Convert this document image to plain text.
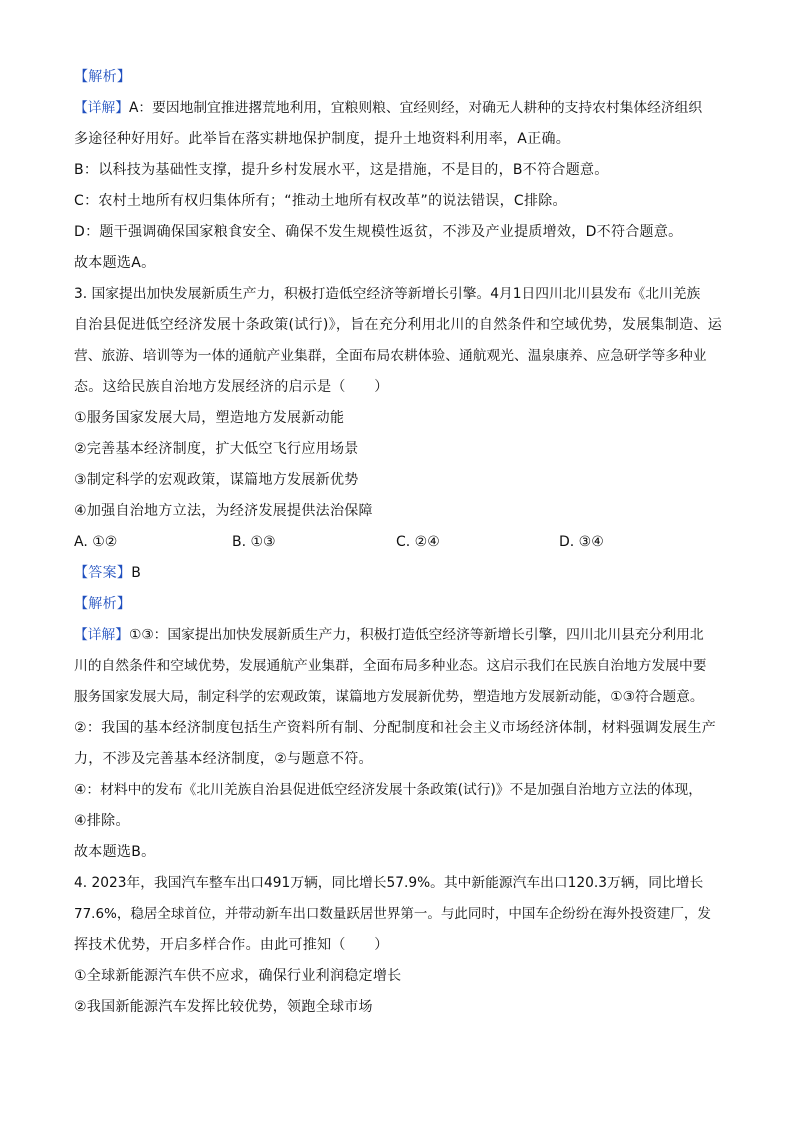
【解析】
【详解】A：要因地制宜推进撂荒地利用，宜粮则粮、宜经则经，对确无人耕种的支持农村集体经济组织
多途径种好用好。此举旨在落实耕地保护制度，提升土地资料利用率，A正确。
B：以科技为基础性支撑，提升乡村发展水平，这是措施，不是目的，B不符合题意。
C：农村土地所有权归集体所有；“推动土地所有权改革”的说法错误，C排除。
D：题干强调确保国家粮食安全、确保不发生规模性返贫，不涉及产业提质增效，D不符合题意。
故本题选A。
3. 国家提出加快发展新质生产力，积极打造低空经济等新增长引擎。4月1日四川北川县发布《北川羌族
自治县促进低空经济发展十条政策(试行)》，旨在充分利用北川的自然条件和空域优势，发展集制造、运
营、旅游、培训等为一体的通航产业集群，全面布局农耕体验、通航观光、温泉康养、应急研学等多种业
态。这给民族自治地方发展经济的启示是（　　）
①服务国家发展大局，塑造地方发展新动能
②完善基本经济制度，扩大低空飞行应用场景
③制定科学的宏观政策，谋篇地方发展新优势
④加强自治地方立法，为经济发展提供法治保障
A. ①②	B. ①③	C. ②④	D. ③④
【答案】B
【解析】
【详解】①③：国家提出加快发展新质生产力，积极打造低空经济等新增长引擎，四川北川县充分利用北
川的自然条件和空域优势，发展通航产业集群，全面布局多种业态。这启示我们在民族自治地方发展中要
服务国家发展大局，制定科学的宏观政策，谋篇地方发展新优势，塑造地方发展新动能，①③符合题意。
②：我国的基本经济制度包括生产资料所有制、分配制度和社会主义市场经济体制，材料强调发展生产
力，不涉及完善基本经济制度，②与题意不符。
④：材料中的发布《北川羌族自治县促进低空经济发展十条政策(试行)》不是加强自治地方立法的体现，
④排除。
故本题选B。
4. 2023年，我国汽车整车出口491万辆，同比增长57.9%。其中新能源汽车出口120.3万辆，同比增长
77.6%，稳居全球首位，并带动新车出口数量跃居世界第一。与此同时，中国车企纷纷在海外投资建厂，发
挥技术优势，开启多样合作。由此可推知（　　）
①全球新能源汽车供不应求，确保行业利润稳定增长
②我国新能源汽车发挥比较优势，领跑全球市场
